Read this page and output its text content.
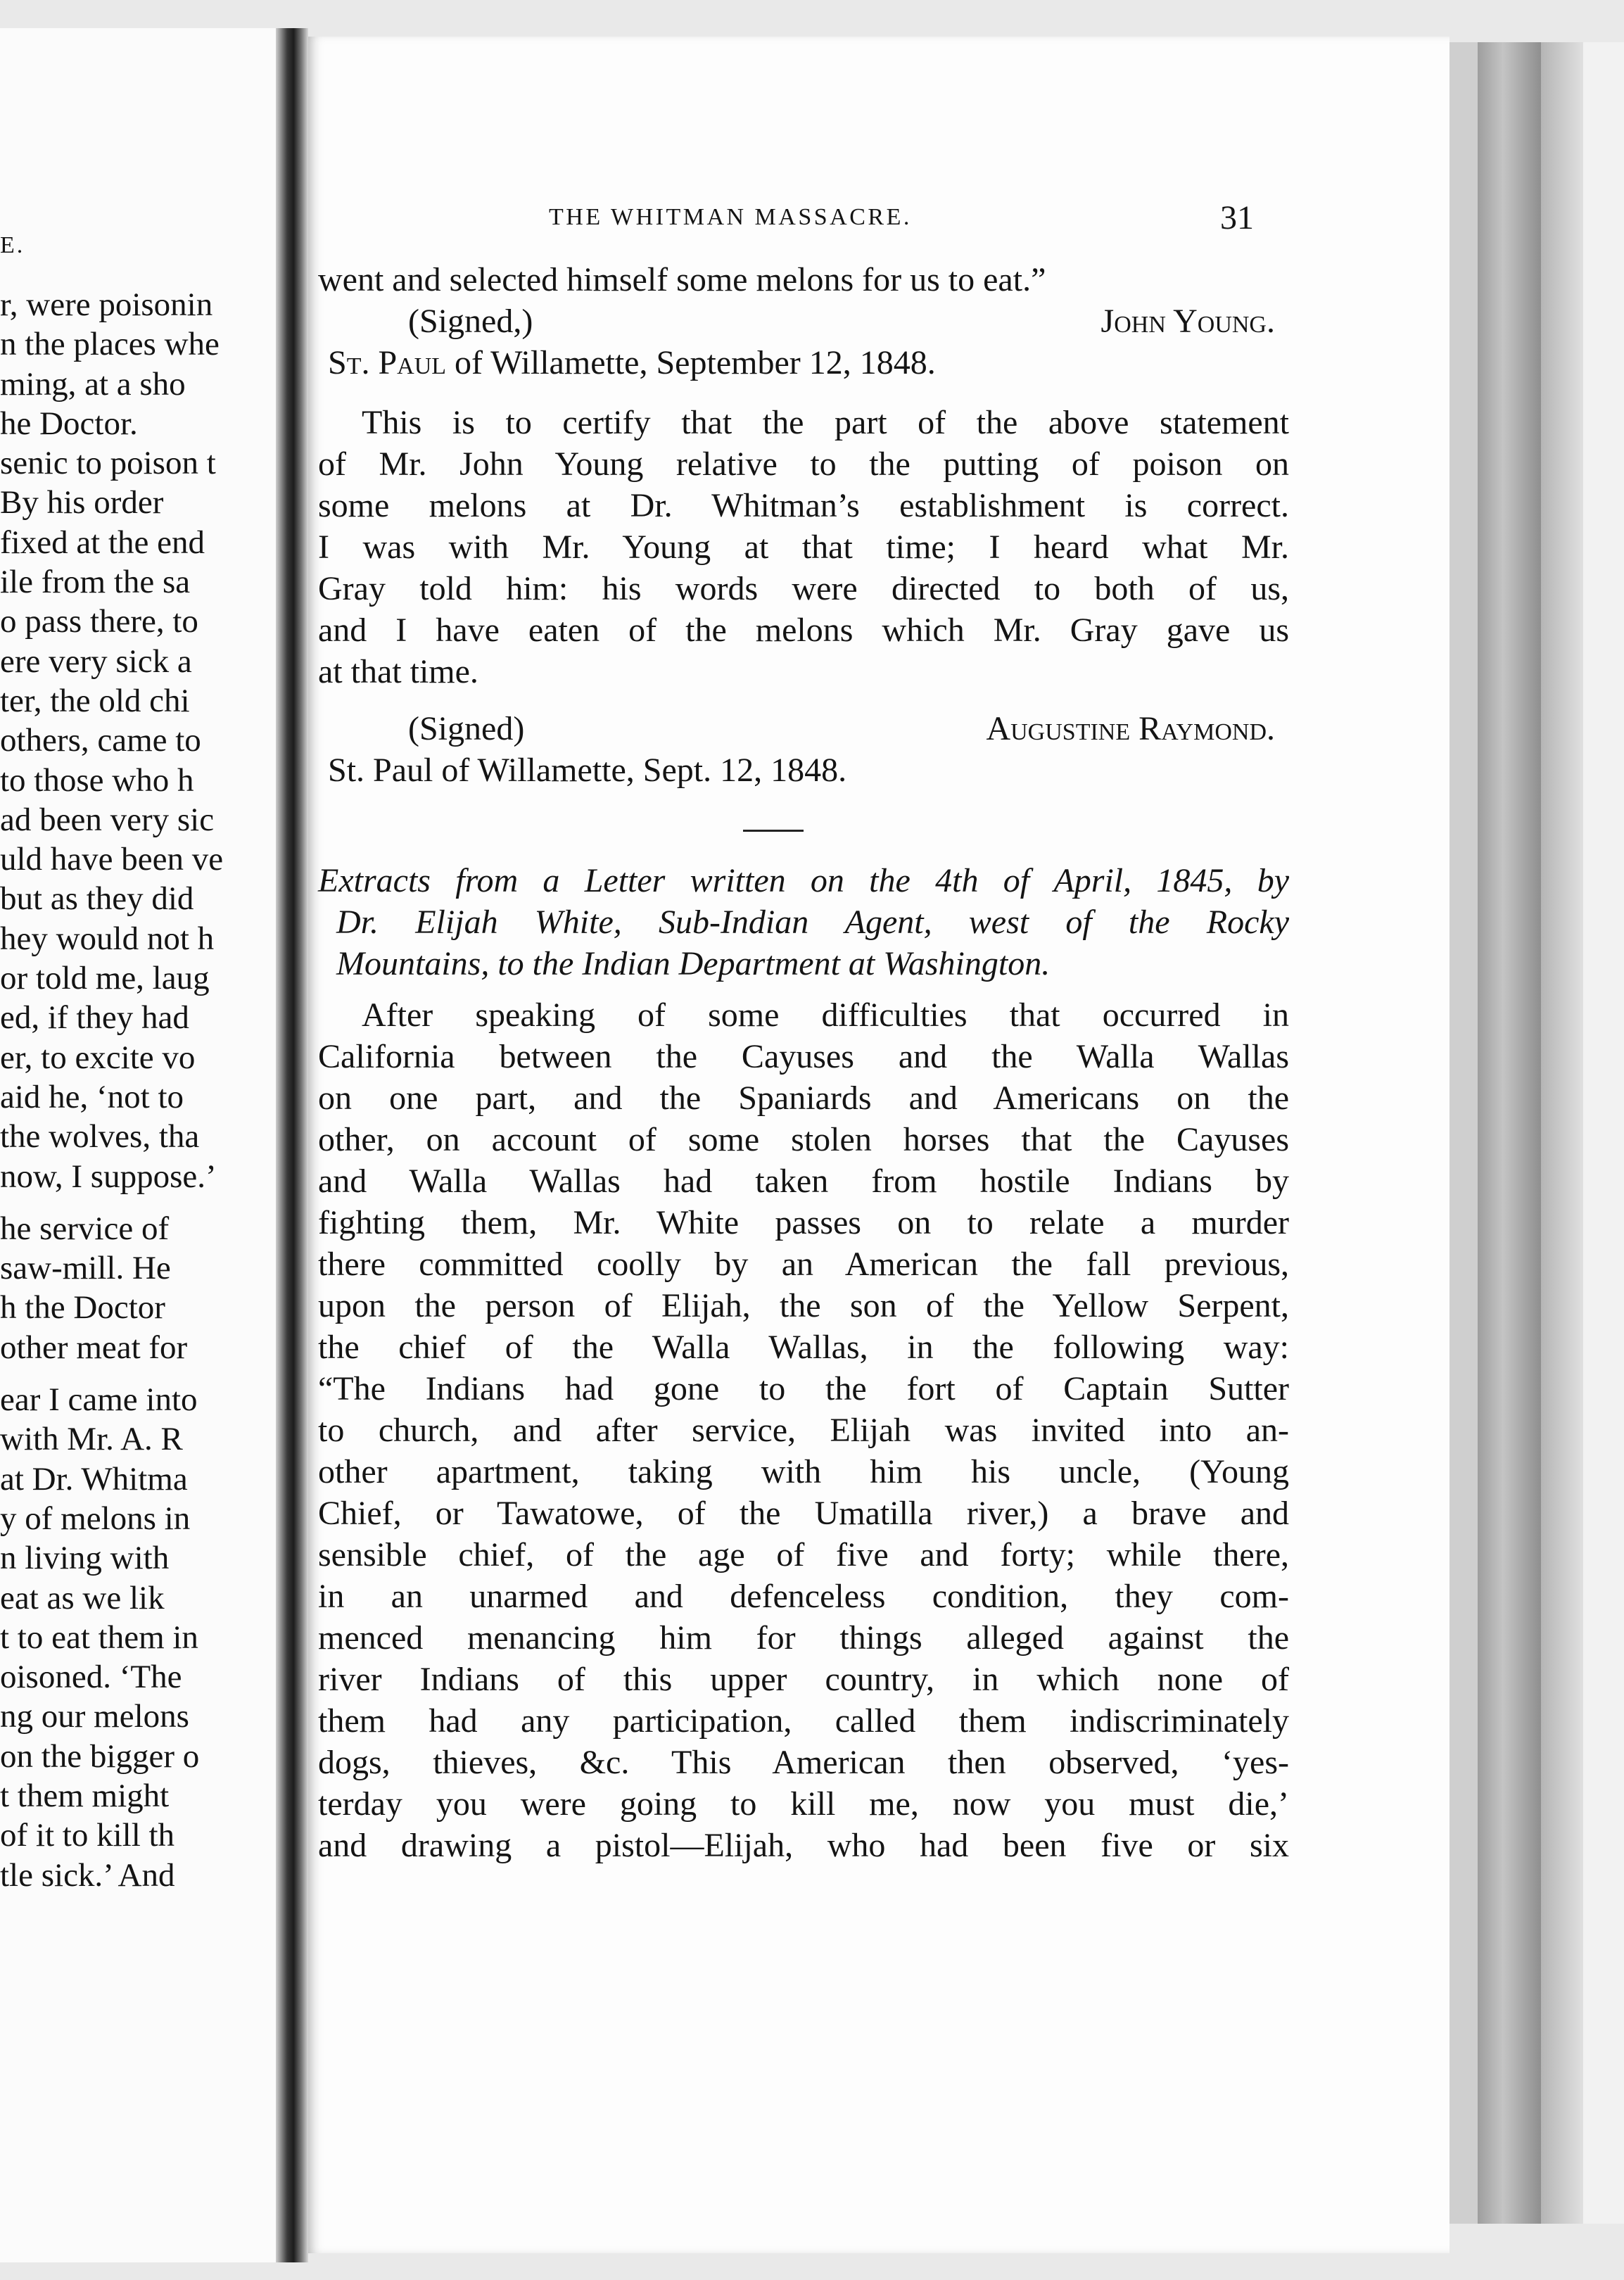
E.
r, were poisonin
n the places whe
ming, at a sho
he Doctor.
senic to poison t
By his order
fixed at the end
ile from the sa
o pass there, to
ere very sick a
ter, the old chi
others, came to
to those who h
ad been very sic
uld have been ve
but as they did
hey would not h
or told me, laug
ed, if they had
er, to excite vo
aid he, ‘not to
the wolves, tha
now, I suppose.’
he service of
saw-mill. He
h the Doctor
other meat for
ear I came into
with Mr. A. R
at Dr. Whitma
y of melons in
n living with
eat as we lik
t to eat them in
oisoned. ‘The
ng our melons
on the bigger o
t them might
of it to kill th
tle sick.’ And
THE WHITMAN MASSACRE.	31

went and selected himself some melons for us to eat.”

(Signed,)	John Young.

St. Paul of Willamette, September 12, 1848.

This is to certify that the part of the above statement

of Mr. John Young relative to the putting of poison on

some melons at Dr. Whitman’s establishment is correct.

I was with Mr. Young at that time; I heard what Mr.

Gray told him: his words were directed to both of us,

and I have eaten of the melons which Mr. Gray gave us

at that time.

(Signed)	Augustine Raymond.

St. Paul of Willamette, Sept. 12, 1848.

Extracts from a Letter written on the 4th of April, 1845, by

Dr. Elijah White, Sub-Indian Agent, west of the Rocky

Mountains, to the Indian Department at Washington.

After speaking of some difficulties that occurred in

California between the Cayuses and the Walla Wallas

on one part, and the Spaniards and Americans on the

other, on account of some stolen horses that the Cayuses

and Walla Wallas had taken from hostile Indians by

fighting them, Mr. White passes on to relate a murder

there committed coolly by an American the fall previous,

upon the person of Elijah, the son of the Yellow Serpent,

the chief of the Walla Wallas, in the following way:

“The Indians had gone to the fort of Captain Sutter

to church, and after service, Elijah was invited into an-

other apartment, taking with him his uncle, (Young

Chief, or Tawatowe, of the Umatilla river,) a brave and

sensible chief, of the age of five and forty; while there,

in an unarmed and defenceless condition, they com-

menced menancing him for things alleged against the

river Indians of this upper country, in which none of

them had any participation, called them indiscriminately

dogs, thieves, &c. This American then observed, ‘yes-

terday you were going to kill me, now you must die,’

and drawing a pistol—Elijah, who had been five or six
